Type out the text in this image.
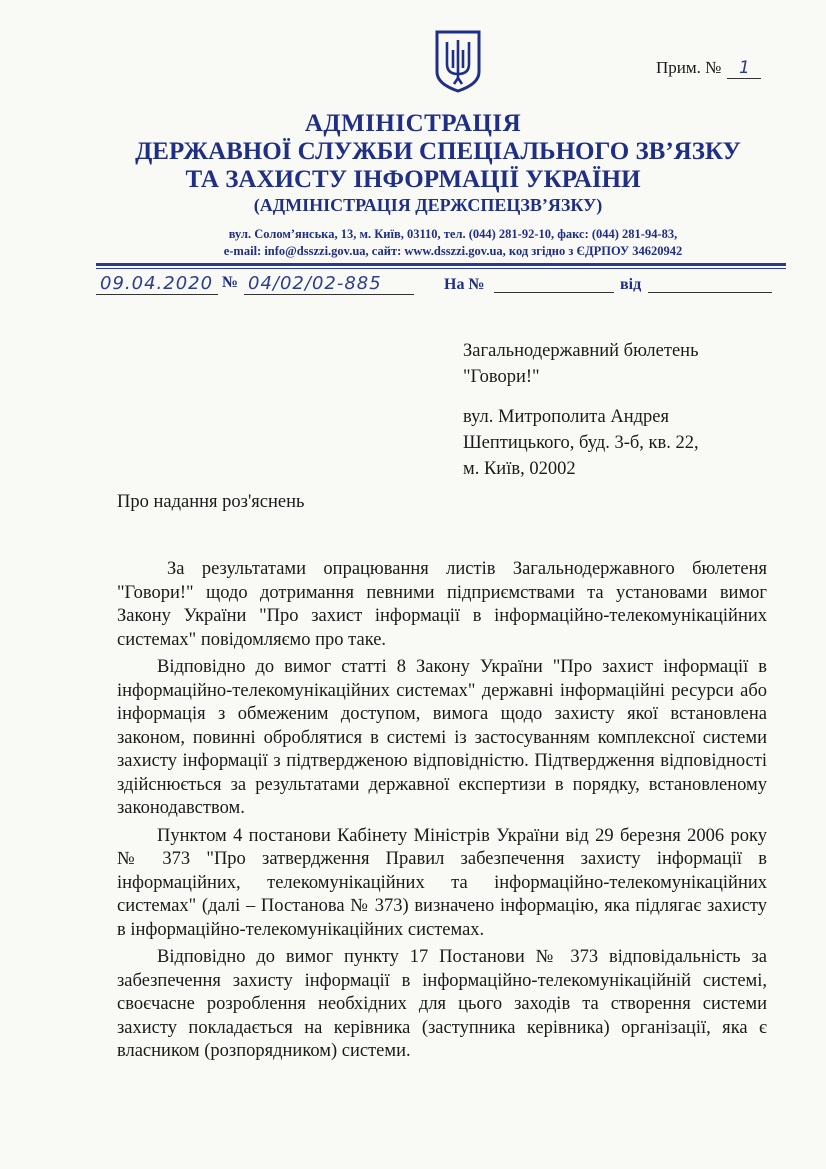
Прим. № 1
АДМІНІСТРАЦІЯ
ДЕРЖАВНОЇ СЛУЖБИ СПЕЦІАЛЬНОГО ЗВ’ЯЗКУ
ТА ЗАХИСТУ ІНФОРМАЦІЇ УКРАЇНИ
(АДМІНІСТРАЦІЯ ДЕРЖСПЕЦЗВ’ЯЗКУ)
вул. Солом’янська, 13, м. Київ, 03110, тел. (044) 281-92-10, факс: (044) 281-94-83,
e-mail: info@dsszzi.gov.ua, сайт: www.dsszzi.gov.ua, код згідно з ЄДРПОУ 34620942
09.04.2020 № 04/02/02-885	На №	від
Загальнодержавний бюлетень
"Говори!"
вул. Митрополита Андрея
Шептицького, буд. 3-б, кв. 22,
м. Київ, 02002
Про надання роз'яснень

За результатами опрацювання листів Загальнодержавного бюлетеня "Говори!" щодо дотримання певними підприємствами та установами вимог Закону України "Про захист інформації в інформаційно-телекомунікаційних системах" повідомляємо про таке.

Відповідно до вимог статті 8 Закону України "Про захист інформації в інформаційно-телекомунікаційних системах" державні інформаційні ресурси або інформація з обмеженим доступом, вимога щодо захисту якої встановлена законом, повинні оброблятися в системі із застосуванням комплексної системи захисту інформації з підтвердженою відповідністю. Підтвердження відповідності здійснюється за результатами державної експертизи в порядку, встановленому законодавством.

Пунктом 4 постанови Кабінету Міністрів України від 29 березня 2006 року № 373 "Про затвердження Правил забезпечення захисту інформації в інформаційних, телекомунікаційних та інформаційно-телекомунікаційних системах" (далі – Постанова № 373) визначено інформацію, яка підлягає захисту в інформаційно-телекомунікаційних системах.

Відповідно до вимог пункту 17 Постанови № 373 відповідальність за забезпечення захисту інформації в інформаційно-телекомунікаційній системі, своєчасне розроблення необхідних для цього заходів та створення системи захисту покладається на керівника (заступника керівника) організації, яка є власником (розпорядником) системи.
